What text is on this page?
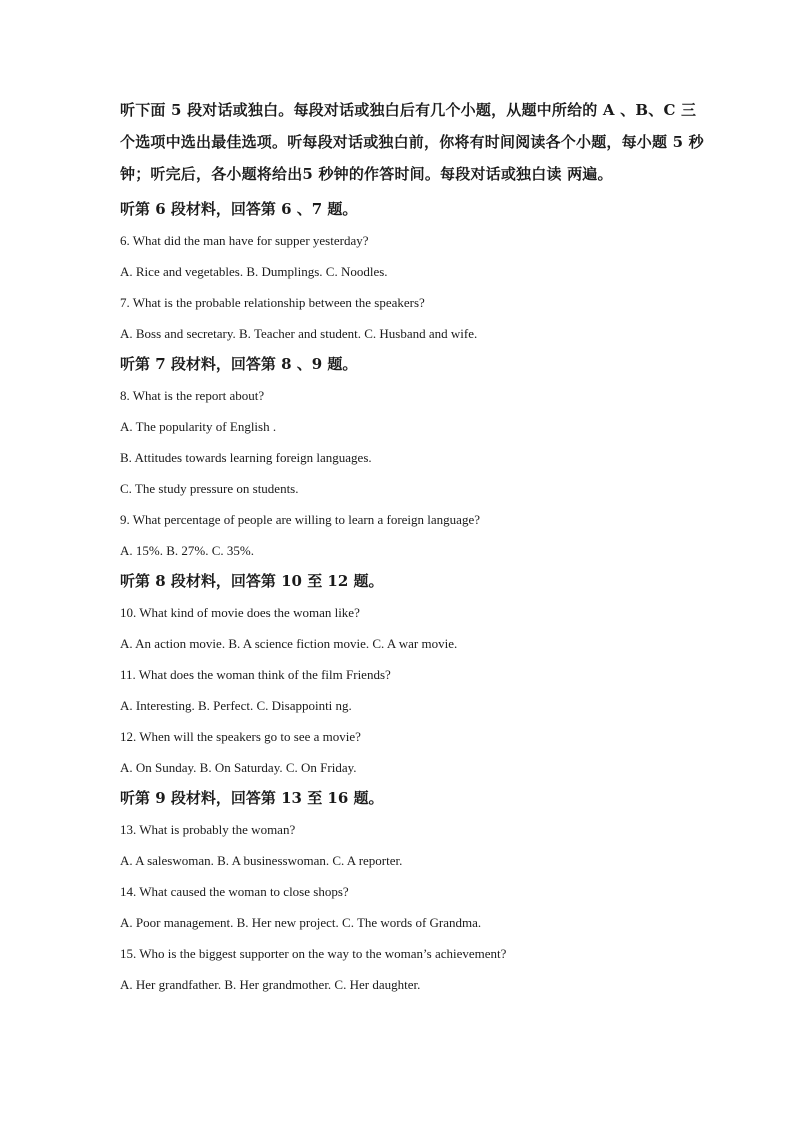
听下面 5 段对话或独白。每段对话或独白后有几个小题，从题中所给的 A 、B、C 三个选项中选出最佳选项。听每段对话或独白前，你将有时间阅读各个小题，每小题 5 秒钟；听完后，各小题将给出5 秒钟的作答时间。每段对话或独白读 两遍。

听第 6 段材料，回答第 6 、7 题。

6. What did the man have for supper yesterday?

A. Rice and vegetables. B. Dumplings. C. Noodles.

7. What is the probable relationship between the speakers?

A. Boss and secretary. B. Teacher and student. C. Husband and wife.

听第 7 段材料，回答第 8 、9 题。

8. What is the report about?

A. The popularity of English .

B. Attitudes towards learning foreign languages.

C. The study pressure on students.

9. What percentage of people are willing to learn a foreign language?

A. 15%. B. 27%. C. 35%.

听第 8 段材料，回答第 10 至 12 题。

10. What kind of movie does the woman like?

A. An action movie. B. A science fiction movie. C. A war movie.

11. What does the woman think of the film Friends?

A. Interesting. B. Perfect. C. Disappointi ng.

12. When will the speakers go to see a movie?

A. On Sunday. B. On Saturday. C. On Friday.

听第 9 段材料，回答第 13 至 16 题。

13. What is probably the woman?

A. A saleswoman. B. A businesswoman. C. A reporter.

14. What caused the woman to close shops?

A. Poor management. B. Her new project. C. The words of Grandma.

15. Who is the biggest supporter on the way to the woman’s achievement?

A. Her grandfather. B. Her grandmother. C. Her daughter.
